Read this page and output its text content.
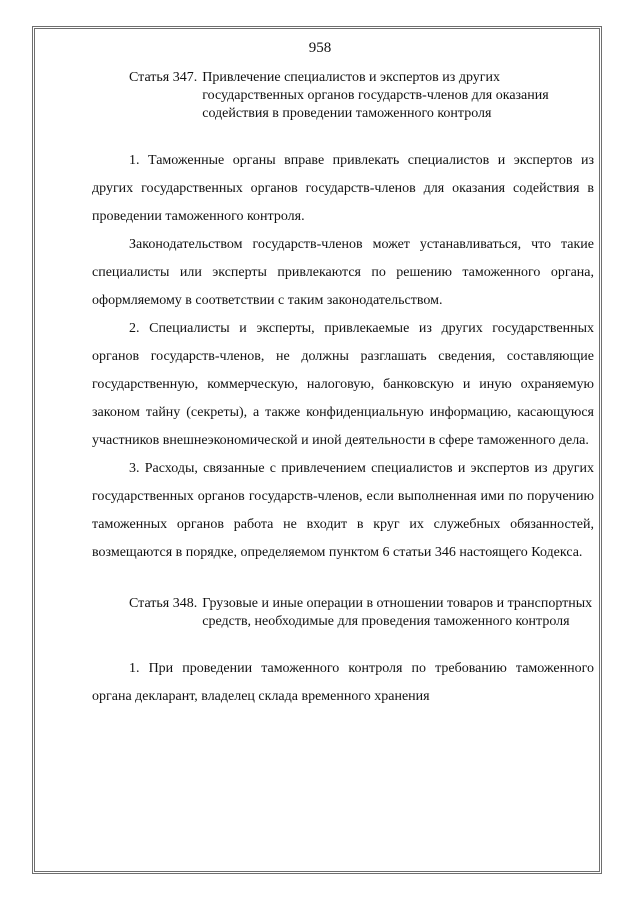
958
Статья 347. Привлечение специалистов и экспертов из других государственных органов государств-членов для оказания содействия в проведении таможенного контроля

1. Таможенные органы вправе привлекать специалистов и экспертов из других государственных органов государств-членов для оказания содействия в проведении таможенного контроля.

Законодательством государств-членов может устанавливаться, что такие специалисты или эксперты привлекаются по решению таможенного органа, оформляемому в соответствии с таким законодательством.

2. Специалисты и эксперты, привлекаемые из других государственных органов государств-членов, не должны разглашать сведения, составляющие государственную, коммерческую, налоговую, банковскую и иную охраняемую законом тайну (секреты), а также конфиденциальную информацию, касающуюся участников внешнеэкономической и иной деятельности в сфере таможенного дела.

3. Расходы, связанные с привлечением специалистов и экспертов из других государственных органов государств-членов, если выполненная ими по поручению таможенных органов работа не входит в круг их служебных обязанностей, возмещаются в порядке, определяемом пунктом 6 статьи 346 настоящего Кодекса.

Статья 348. Грузовые и иные операции в отношении товаров и транспортных средств, необходимые для проведения таможенного контроля

1. При проведении таможенного контроля по требованию таможенного органа декларант, владелец склада временного хранения
